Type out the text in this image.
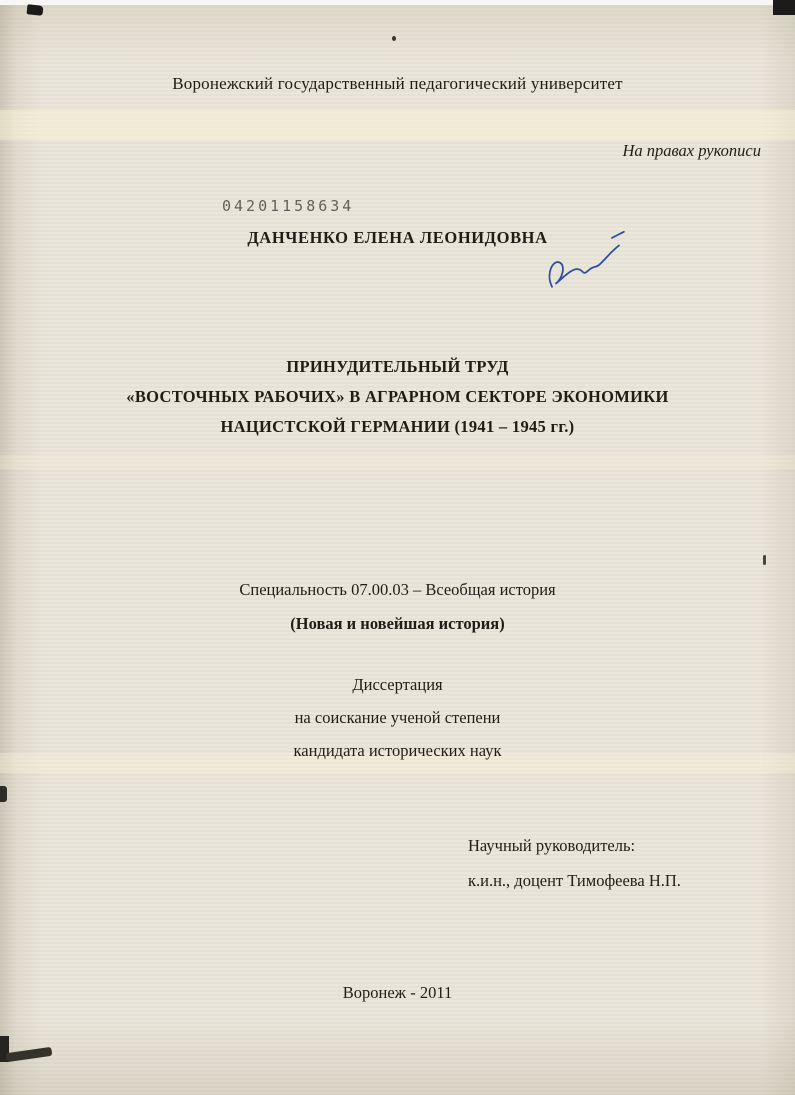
Воронежский государственный педагогический университет
На правах рукописи
04201158634
ДАНЧЕНКО ЕЛЕНА ЛЕОНИДОВНА
ПРИНУДИТЕЛЬНЫЙ ТРУД
«ВОСТОЧНЫХ РАБОЧИХ» В АГРАРНОМ СЕКТОРЕ ЭКОНОМИКИ
НАЦИСТСКОЙ ГЕРМАНИИ (1941 – 1945 гг.)
Специальность 07.00.03 – Всеобщая история
(Новая и новейшая история)
Диссертация
на соискание ученой степени
кандидата исторических наук
Научный руководитель:
к.и.н., доцент Тимофеева Н.П.
Воронеж - 2011
